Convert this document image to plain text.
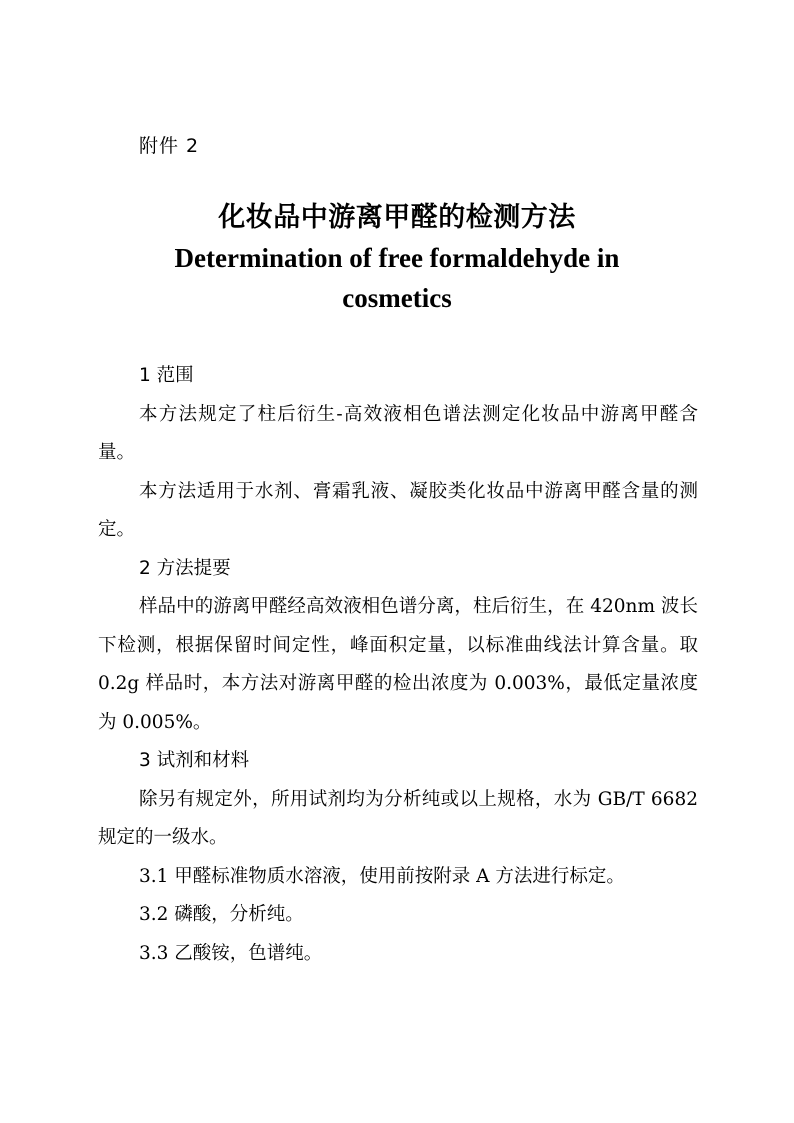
附件 2
化妆品中游离甲醛的检测方法
Determination of free formaldehyde in cosmetics

1 范围

本方法规定了柱后衍生-高效液相色谱法测定化妆品中游离甲醛含量。

本方法适用于水剂、膏霜乳液、凝胶类化妆品中游离甲醛含量的测定。

2 方法提要

样品中的游离甲醛经高效液相色谱分离，柱后衍生，在 420nm 波长下检测，根据保留时间定性，峰面积定量，以标准曲线法计算含量。取 0.2g 样品时，本方法对游离甲醛的检出浓度为 0.003%，最低定量浓度为 0.005%。

3 试剂和材料

除另有规定外，所用试剂均为分析纯或以上规格，水为 GB/T 6682 规定的一级水。

3.1 甲醛标准物质水溶液，使用前按附录 A 方法进行标定。

3.2 磷酸，分析纯。

3.3 乙酸铵，色谱纯。
